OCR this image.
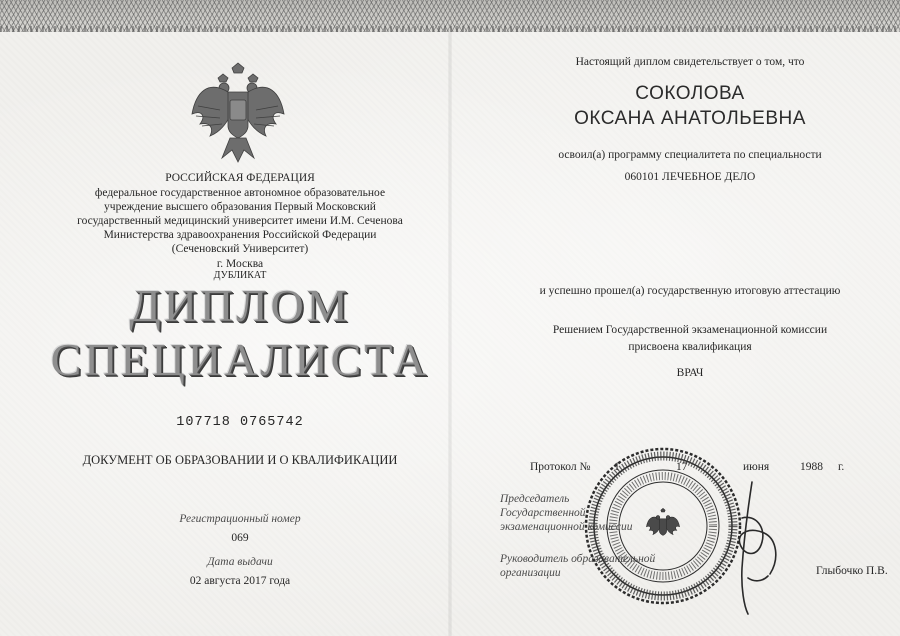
РОССИЙСКАЯ ФЕДЕРАЦИЯ
федеральное государственное автономное образовательное
учреждение высшего образования Первый Московский
государственный медицинский университет имени И.М. Сеченова
Министерства здравоохранения Российской Федерации
(Сеченовский Университет)
г. Москва
ДУБЛИКАТ
ДИПЛОМ
СПЕЦИАЛИСТА
107718 0765742
ДОКУМЕНТ ОБ ОБРАЗОВАНИИ И О КВАЛИФИКАЦИИ
Регистрационный номер
069
Дата выдачи
02 августа 2017 года
Настоящий диплом свидетельствует о том, что
СОКОЛОВА
ОКСАНА АНАТОЛЬЕВНА
освоил(а) программу специалитета по специальности
060101 ЛЕЧЕБНОЕ ДЕЛО
и успешно прошел(а) государственную итоговую аттестацию
Решением Государственной экзаменационной комиссии
присвоена квалификация
ВРАЧ
Протокол №	1	17	июня	1988	г.
Председатель
Государственной
экзаменационной комиссии
Руководитель образовательной
организации	Глыбочко П.В.
